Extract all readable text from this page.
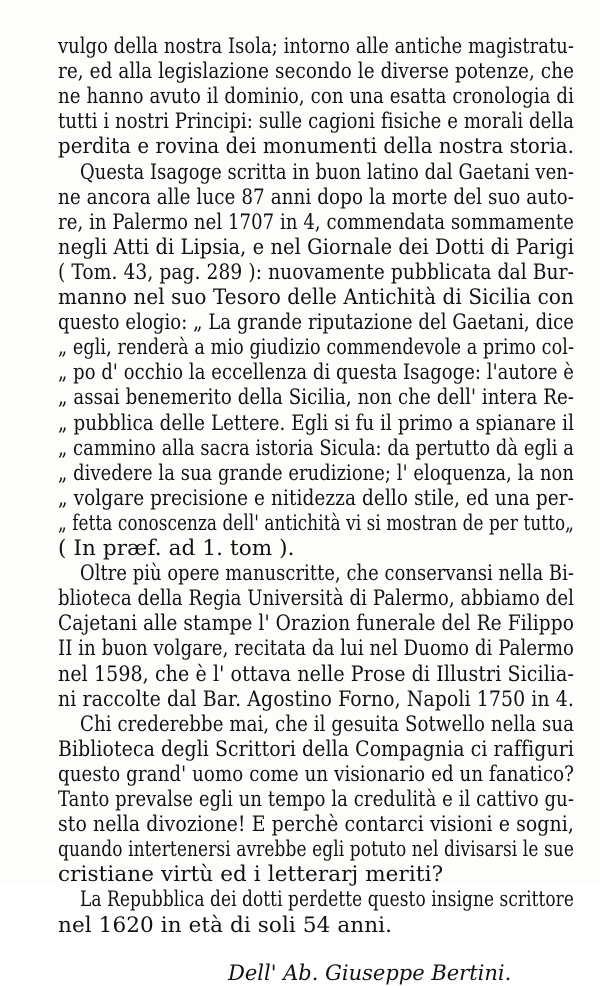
vulgo della nostra Isola; intorno alle antiche magistratu-
re, ed alla legislazione secondo le diverse potenze, che
ne hanno avuto il dominio, con una esatta cronologia di
tutti i nostri Principi: sulle cagioni fisiche e morali della
perdita e rovina dei monumenti della nostra storia.
Questa Isagoge scritta in buon latino dal Gaetani ven-
ne ancora alle luce 87 anni dopo la morte del suo auto-
re, in Palermo nel 1707 in 4, commendata sommamente
negli Atti di Lipsia, e nel Giornale dei Dotti di Parigi
( Tom. 43, pag. 289 ): nuovamente pubblicata dal Bur-
manno nel suo Tesoro delle Antichità di Sicilia con
questo elogio: „ La grande riputazione del Gaetani, dice
„ egli, renderà a mio giudizio commendevole a primo col-
„ po d' occhio la eccellenza di questa Isagoge: l'autore è
„ assai benemerito della Sicilia, non che dell' intera Re-
„ pubblica delle Lettere. Egli si fu il primo a spianare il
„ cammino alla sacra istoria Sicula: da pertutto dà egli a
„ divedere la sua grande erudizione; l' eloquenza, la non
„ volgare precisione e nitidezza dello stile, ed una per-
„ fetta conoscenza dell' antichità vi si mostran de per tutto„
( In præf. ad 1. tom ).
Oltre più opere manuscritte, che conservansi nella Bi-
blioteca della Regia Università di Palermo, abbiamo del
Cajetani alle stampe l' Orazion funerale del Re Filippo
II in buon volgare, recitata da lui nel Duomo di Palermo
nel 1598, che è l' ottava nelle Prose di Illustri Sicilia-
ni raccolte dal Bar. Agostino Forno, Napoli 1750 in 4.
Chi crederebbe mai, che il gesuita Sotwello nella sua
Biblioteca degli Scrittori della Compagnia ci raffiguri
questo grand' uomo come un visionario ed un fanatico?
Tanto prevalse egli un tempo la credulità e il cattivo gu-
sto nella divozione! E perchè contarci visioni e sogni,
quando intertenersi avrebbe egli potuto nel divisarsi le sue
cristiane virtù ed i letterarj meriti?
La Repubblica dei dotti perdette questo insigne scrittore
nel 1620 in età di soli 54 anni.
Dell' Ab. Giuseppe Bertini.
